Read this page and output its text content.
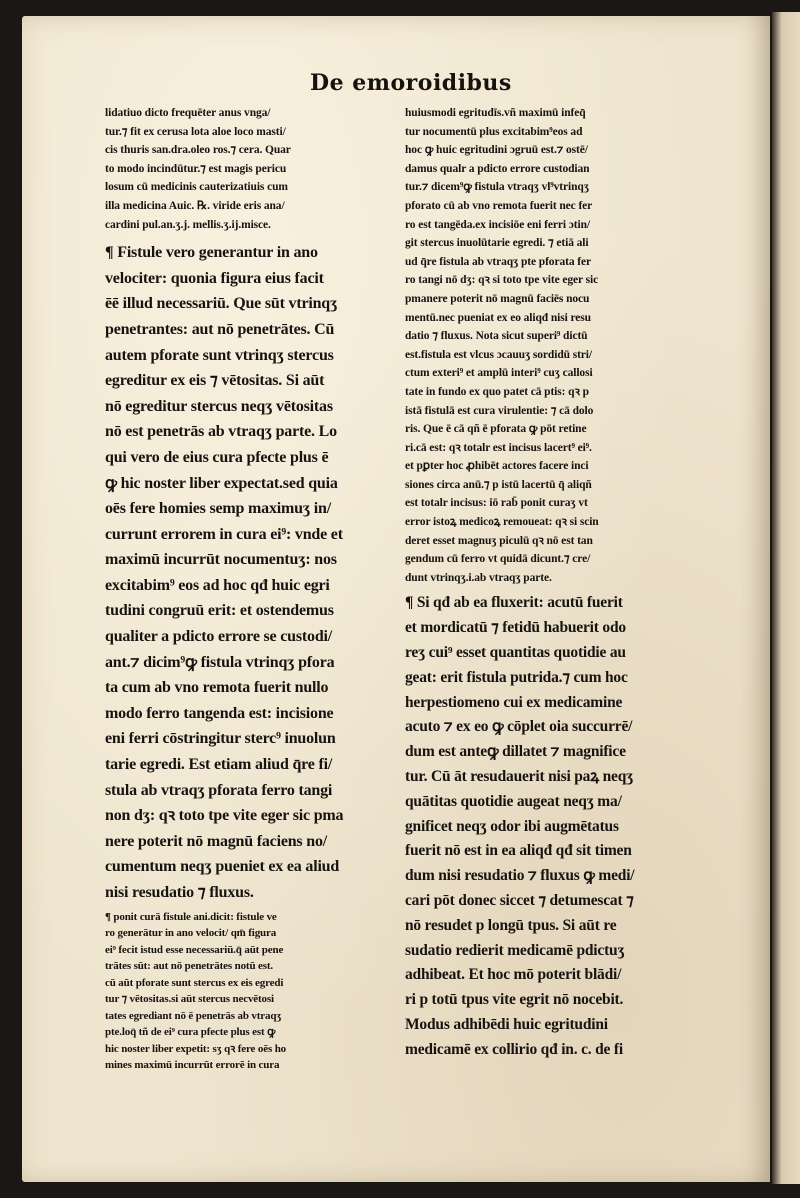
De emoroidibus
lidatiuo dicto frequēter anus vnga/
tur.⁊ fit ex cerusa lota aloe loco masti/
cis thuris san.dra.oleo ros.⁊ cera. Quar
to modo incindūtur.⁊ est magis pericu
losum cū medicinis cauterizatiuis cum
illa medicina Auic. ℞. viride eris ana/
cardini pul.an.ʒ.j. mellis.ʒ.ij.misce.
¶ Fistule vero generantur in ano
velociter: quonia figura eius facit
ēē illud necessariū. Que sūt vtrinqʒ
penetrantes: aut nō penetrātes. Cū
autem pforate sunt vtrinqʒ stercus
egreditur ex eis ⁊ vētositas. Si aūt
nō egreditur stercus neqʒ vētositas
nō est penetrās ab vtraqʒ parte. Lo
qui vero de eius cura pfecte plus ē
ꝙ hic noster liber expectat.sed quia
oēs fere homies semp maximuʒ in/
currunt errorem in cura ei⁹: vnde et
maximū incurrūt nocumentuʒ: nos
excitabim⁹ eos ad hoc qđ huic egri
tudini congruū erit: et ostendemus
qualiter a pdicto errore se custodi/
ant.⁊ dicim⁹ꝙ fistula vtrinqʒ pfora
ta cum ab vno remota fuerit nullo
modo ferro tangenda est: incisione
eni ferri cōstringitur sterc⁹ inuolun
tarie egredi. Est etiam aliud q̄re fi/
stula ab vtraqʒ pforata ferro tangi
non dʒ: qꝛ toto tpe vite eger sic pma
nere poterit nō magnū faciens no/
cumentum neqʒ pueniet ex ea aliud
nisi resudatio ⁊ fluxus.
¶ ponit curā fistule ani.dicit: fistule ve
ro generātur in ano velocit/ qm̄ figura
ei⁹ fecit istud esse necessariū.q̄ aūt pene
trātes sūt: aut nō penetrātes notū est.
cū aūt pforate sunt stercus ex eis egredi
tur ⁊ vētositas.si aūt stercus necvētosi
tates egrediant nō ē penetrās ab vtraqʒ
pte.loq̄ tñ de ei⁹ cura pfecte plus est ꝙ
hic noster liber expetit: sʒ qꝛ fere oēs ho
mines maximū incurrūt errorē in cura
huiusmodi egritudīs.vñ maximū infeq̄
tur nocumentū plus excitabim⁹eos ad
hoc ꝙ huic egritudini ɔgruū est.⁊ ostē/
damus qualr a pdicto errore custodian
tur.⁊ dicem⁹ꝙ fistula vtraqʒ vl⁹vtrinqʒ
pforato cū ab vno remota fuerit nec fer
ro est tangēda.ex incisiōe eni ferri ɔtin/
git stercus inuolūtarie egredi. ⁊ etiā ali
ud q̄re fistula ab vtraqʒ pte pforata fer
ro tangi nō dʒ: qꝛ si toto tpe vite eger sic
pmanere poterit nō magnū faciēs nocu
mentū.nec pueniat ex eo aliqđ nisi resu
datio ⁊ fluxus. Nota sicut superi⁹ dictū
est.fistula est vlcus ɔcauuʒ sordidū stri/
ctum exteri⁹ et amplū interi⁹ cuʒ callosi
tate in fundo ex quo patet cā ptis: qꝛ p
istā fistulā est cura virulentie: ⁊ cā dolo
ris. Que ē cā qñ ē pforata ꝙ pōt retine
ri.cā est: qꝛ totalr est incisus lacert⁹ ei⁹.
et pꝑter hoc ꝓhibēt actores facere inci
siones circa anū.⁊ p istū lacertū q̄ aliqñ
est totalr incisus: iō rab̄ ponit curaʒ vt
error istoꝝ medicoꝝ remoueat: qꝛ si scin
deret esset magnuʒ piculū qꝛ nō est tan
gendum cū ferro vt quidā dicunt.⁊ cre/
dunt vtrinqʒ.i.ab vtraqʒ parte.
¶ Si qđ ab ea fluxerit: acutū fuerit
et mordicatū ⁊ fetidū habuerit odo
reʒ cui⁹ esset quantitas quotidie au
geat: erit fistula putrida.⁊ cum hoc
herpestiomeno cui ex medicamine
acuto ⁊ ex eo ꝙ cōplet oia succurrē/
dum est anteꝙ dillatet ⁊ magnifice
tur. Cū āt resudauerit nisi paꝝ neqʒ
quātitas quotidie augeat neqʒ ma/
gnificet neqʒ odor ibi augmētatus
fuerit nō est in ea aliqđ qđ sit timen
dum nisi resudatio ⁊ fluxus ꝙ medi/
cari pōt donec siccet ⁊ detumescat ⁊
nō resudet p longū tpus. Si aūt re
sudatio redierit medicamē pdictuʒ
adhibeat. Et hoc mō poterit blādi/
ri p totū tpus vite egrit nō nocebit.
Modus adhibēdi huic egritudini
medicamē ex collirio qđ in. c. de fi
